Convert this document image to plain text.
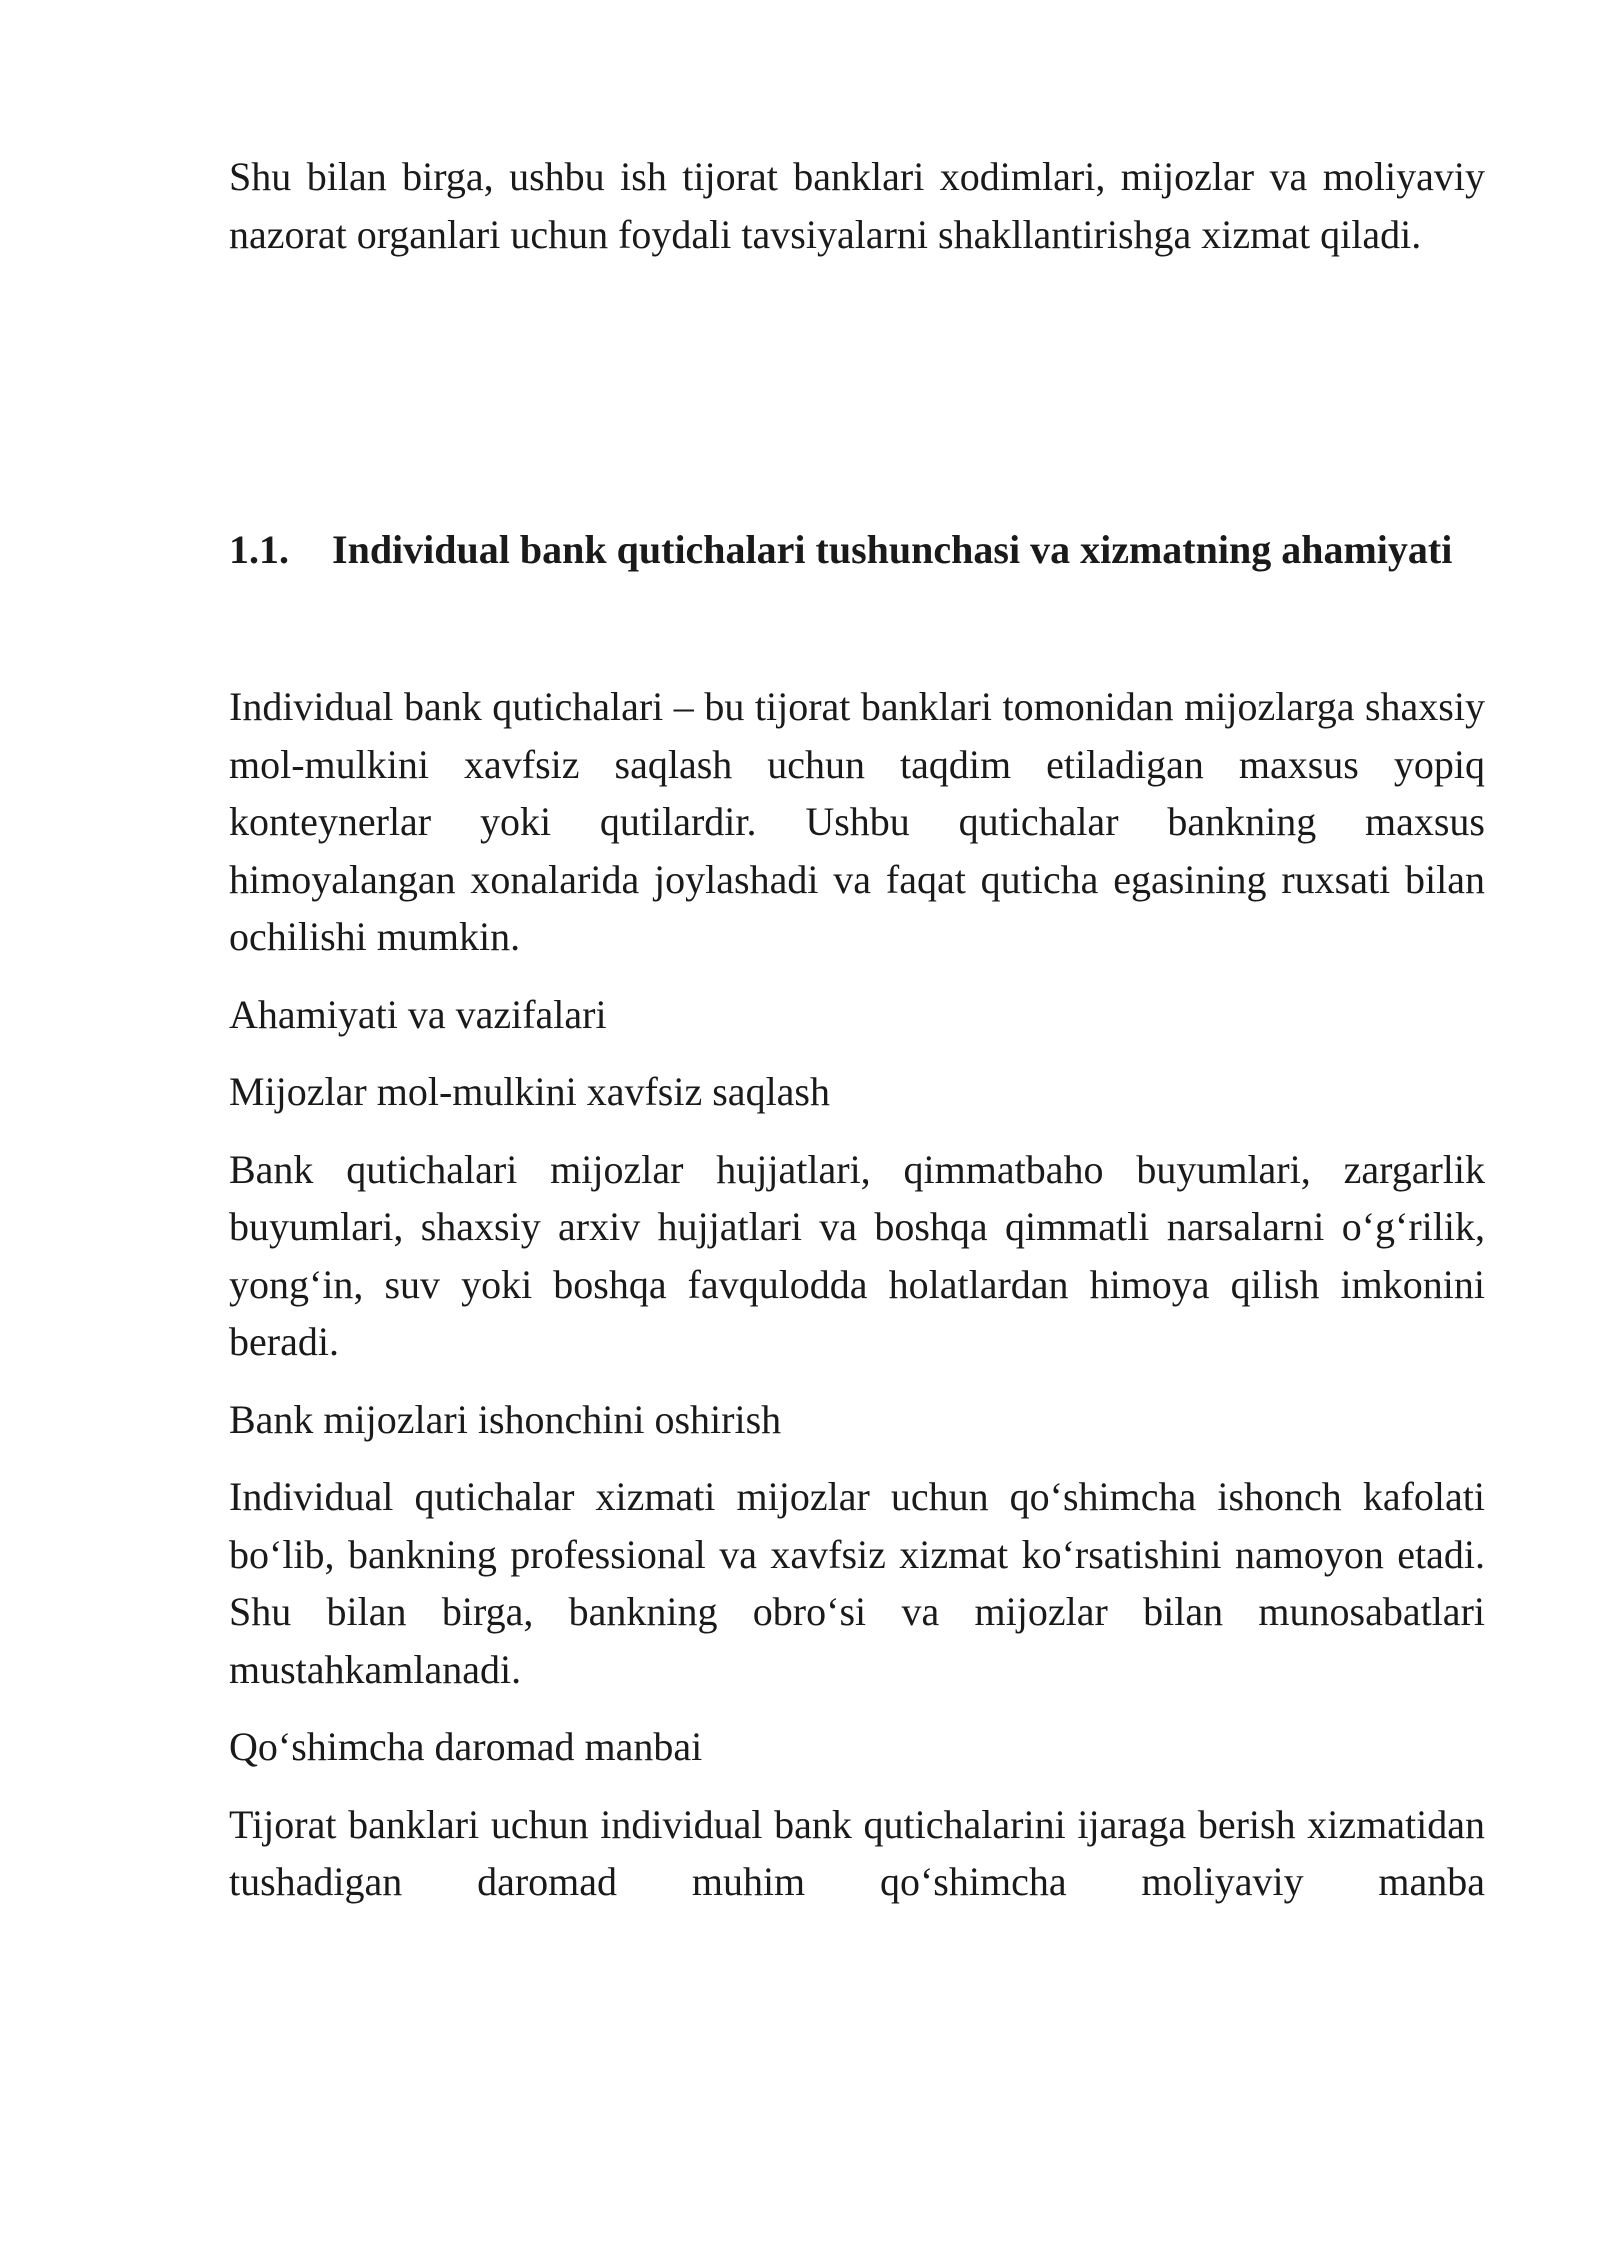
Shu bilan birga, ushbu ish tijorat banklari xodimlari, mijozlar va moliyaviy nazorat organlari uchun foydali tavsiyalarni shakllantirishga xizmat qiladi.

1.1.	Individual bank qutichalari tushunchasi va xizmatning ahamiyati

Individual bank qutichalari – bu tijorat banklari tomonidan mijozlarga shaxsiy mol-mulkini xavfsiz saqlash uchun taqdim etiladigan maxsus yopiq konteynerlar yoki qutilardir. Ushbu qutichalar bankning maxsus himoyalangan xonalarida joylashadi va faqat quticha egasining ruxsati bilan ochilishi mumkin.

Ahamiyati va vazifalari

Mijozlar mol-mulkini xavfsiz saqlash

Bank qutichalari mijozlar hujjatlari, qimmatbaho buyumlari, zargarlik buyumlari, shaxsiy arxiv hujjatlari va boshqa qimmatli narsalarni o‘g‘rilik, yong‘in, suv yoki boshqa favqulodda holatlardan himoya qilish imkonini beradi.

Bank mijozlari ishonchini oshirish

Individual qutichalar xizmati mijozlar uchun qo‘shimcha ishonch kafolati bo‘lib, bankning professional va xavfsiz xizmat ko‘rsatishini namoyon etadi. Shu bilan birga, bankning obro‘si va mijozlar bilan munosabatlari mustahkamlanadi.

Qo‘shimcha daromad manbai

Tijorat banklari uchun individual bank qutichalarini ijaraga berish xizmatidan tushadigan daromad muhim qo‘shimcha moliyaviy manba
